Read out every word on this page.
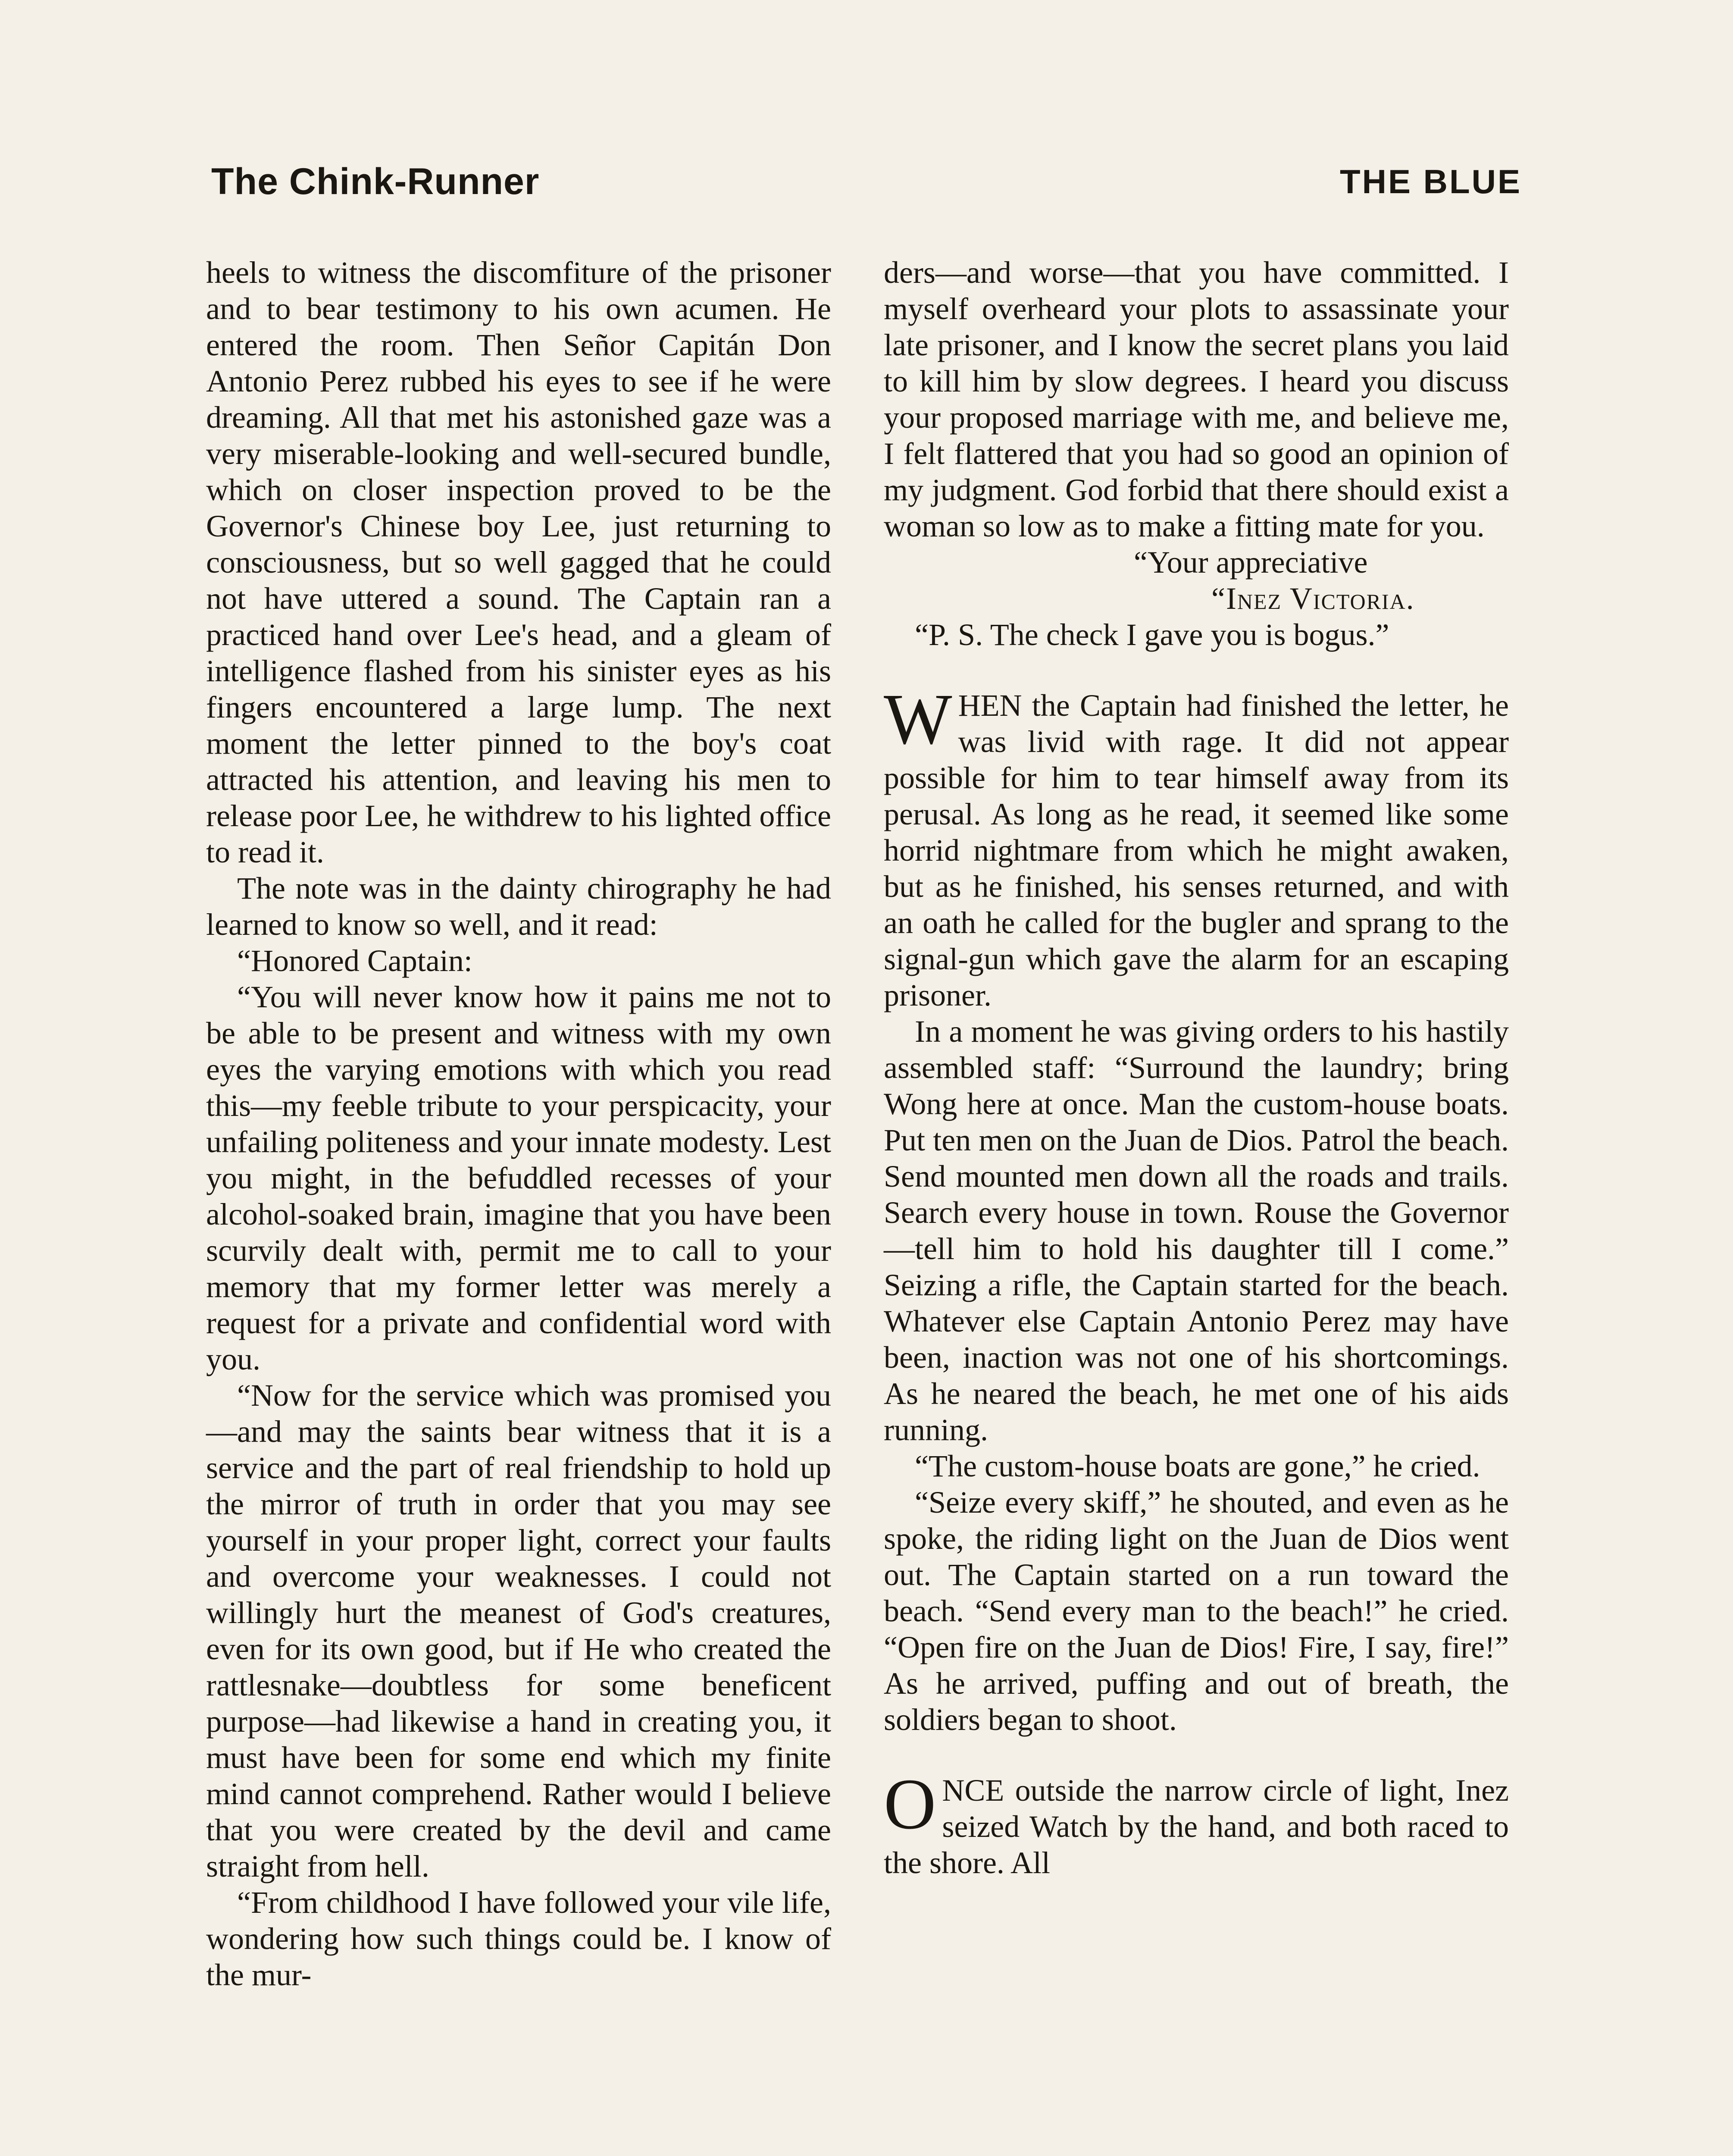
The Chink-Runner	THE BLUE

heels to witness the discomfiture of the prisoner and to bear testimony to his own acumen. He entered the room. Then Señor Capitán Don Antonio Perez rubbed his eyes to see if he were dreaming. All that met his astonished gaze was a very miserable-looking and well-secured bundle, which on closer inspection proved to be the Governor's Chinese boy Lee, just returning to consciousness, but so well gagged that he could not have uttered a sound. The Captain ran a practiced hand over Lee's head, and a gleam of intelligence flashed from his sinister eyes as his fingers encountered a large lump. The next moment the letter pinned to the boy's coat attracted his attention, and leaving his men to release poor Lee, he withdrew to his lighted office to read it.

The note was in the dainty chirography he had learned to know so well, and it read:

“Honored Captain:

“You will never know how it pains me not to be able to be present and witness with my own eyes the varying emotions with which you read this—my feeble tribute to your perspicacity, your unfailing politeness and your innate modesty. Lest you might, in the befuddled recesses of your alcohol-soaked brain, imagine that you have been scurvily dealt with, permit me to call to your memory that my former letter was merely a request for a private and confidential word with you.

“Now for the service which was promised you—and may the saints bear witness that it is a service and the part of real friendship to hold up the mirror of truth in order that you may see yourself in your proper light, correct your faults and overcome your weaknesses. I could not willingly hurt the meanest of God's creatures, even for its own good, but if He who created the rattlesnake—doubtless for some beneficent purpose—had likewise a hand in creating you, it must have been for some end which my finite mind cannot comprehend. Rather would I believe that you were created by the devil and came straight from hell.

“From childhood I have followed your vile life, wondering how such things could be. I know of the mur-

ders—and worse—that you have committed. I myself overheard your plots to assassinate your late prisoner, and I know the secret plans you laid to kill him by slow degrees. I heard you discuss your proposed marriage with me, and believe me, I felt flattered that you had so good an opinion of my judgment. God forbid that there should exist a woman so low as to make a fitting mate for you.

“Your appreciative

“Inez Victoria.

“P. S. The check I gave you is bogus.”

WHEN the Captain had finished the letter, he was livid with rage. It did not appear possible for him to tear himself away from its perusal. As long as he read, it seemed like some horrid nightmare from which he might awaken, but as he finished, his senses returned, and with an oath he called for the bugler and sprang to the signal-gun which gave the alarm for an escaping prisoner.

In a moment he was giving orders to his hastily assembled staff: “Surround the laundry; bring Wong here at once. Man the custom-house boats. Put ten men on the Juan de Dios. Patrol the beach. Send mounted men down all the roads and trails. Search every house in town. Rouse the Governor—tell him to hold his daughter till I come.” Seizing a rifle, the Captain started for the beach. Whatever else Captain Antonio Perez may have been, inaction was not one of his shortcomings. As he neared the beach, he met one of his aids running.

“The custom-house boats are gone,” he cried.

“Seize every skiff,” he shouted, and even as he spoke, the riding light on the Juan de Dios went out. The Captain started on a run toward the beach. “Send every man to the beach!” he cried. “Open fire on the Juan de Dios! Fire, I say, fire!” As he arrived, puffing and out of breath, the soldiers began to shoot.

ONCE outside the narrow circle of light, Inez seized Watch by the hand, and both raced to the shore. All
